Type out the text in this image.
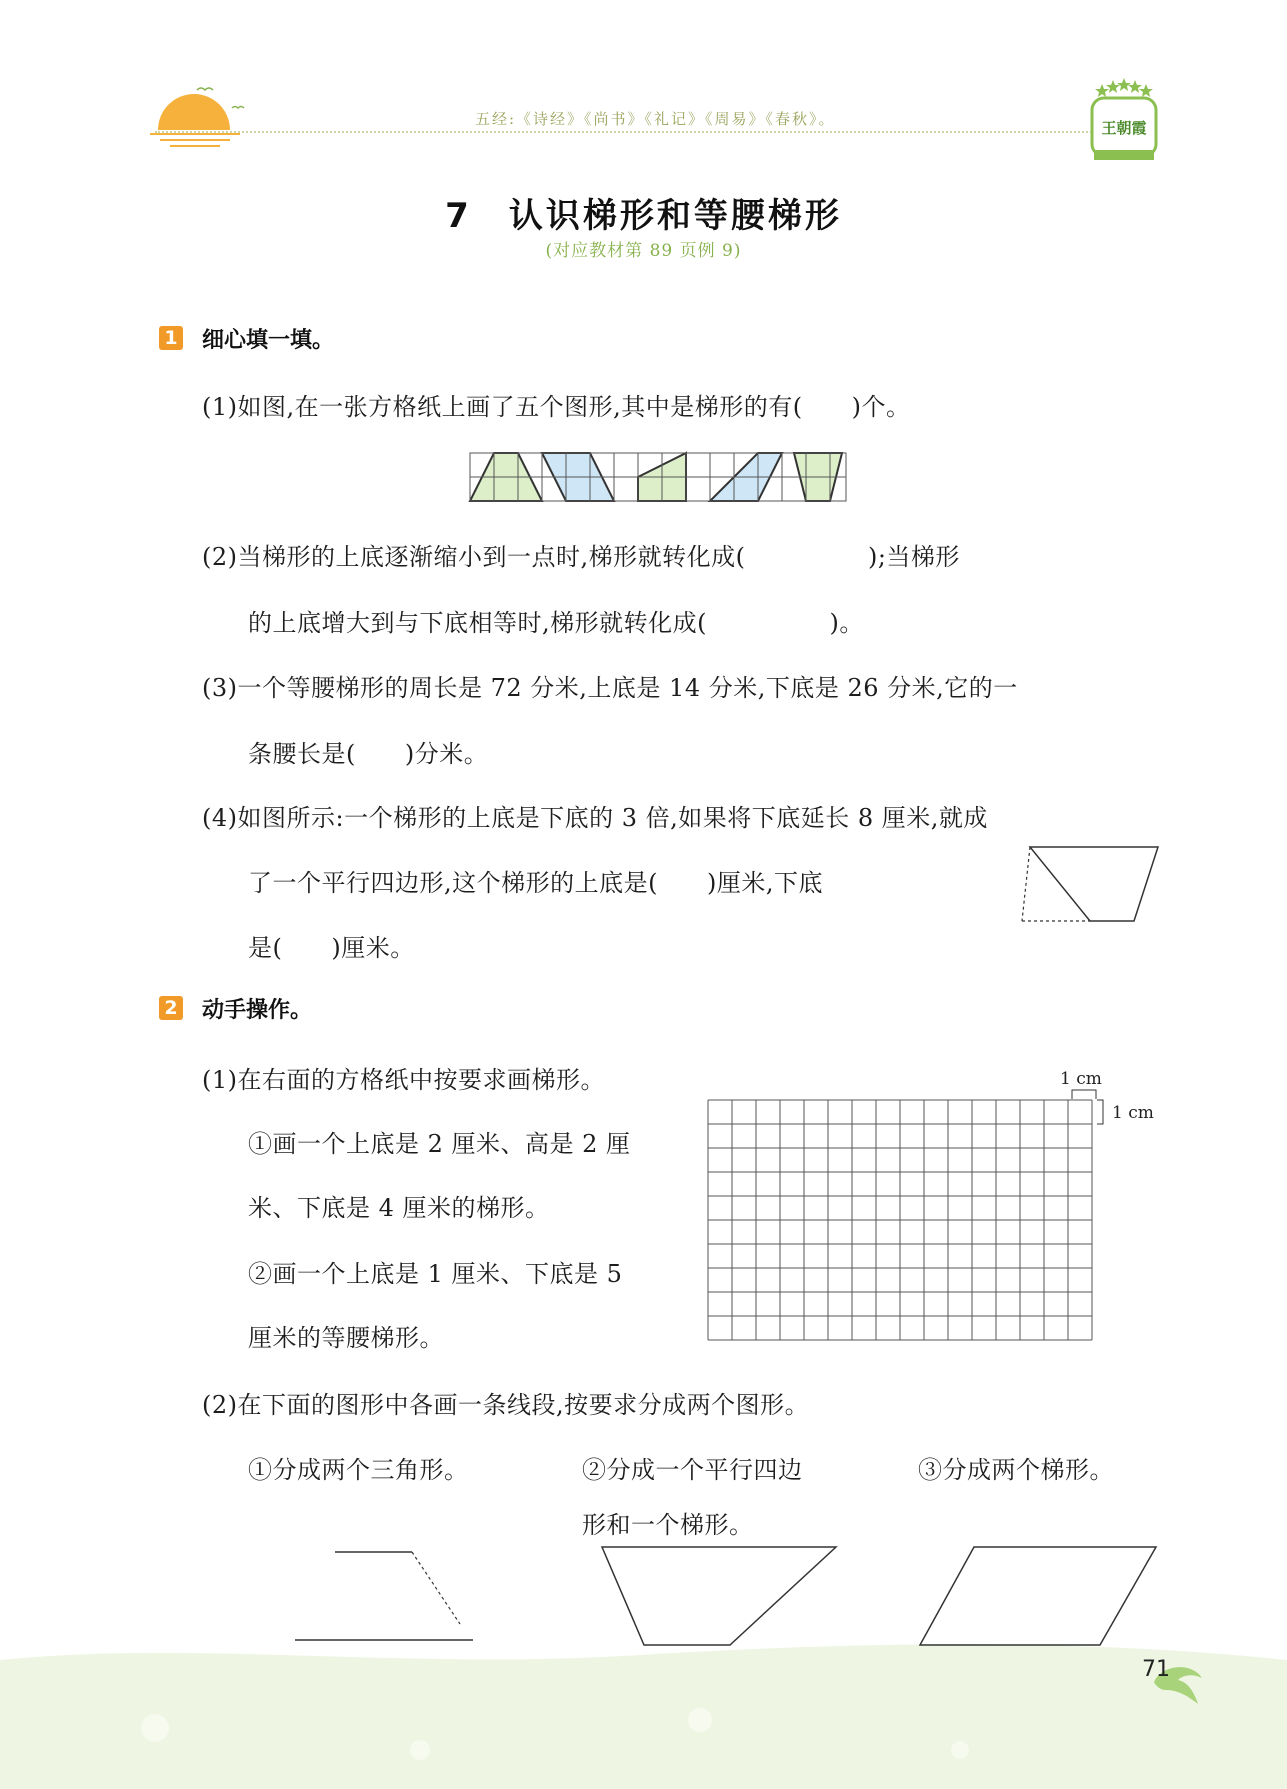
五经:《诗经》《尚书》《礼记》《周易》《春秋》。	王朝霞
7　认识梯形和等腰梯形
(对应教材第 89 页例 9)
1 细心填一填。
(1)如图,在一张方格纸上画了五个图形,其中是梯形的有(　　)个。
(2)当梯形的上底逐渐缩小到一点时,梯形就转化成(　　　　　);当梯形
的上底增大到与下底相等时,梯形就转化成(　　　　　)。
(3)一个等腰梯形的周长是 72 分米,上底是 14 分米,下底是 26 分米,它的一
条腰长是(　　)分米。
(4)如图所示:一个梯形的上底是下底的 3 倍,如果将下底延长 8 厘米,就成
了一个平行四边形,这个梯形的上底是(　　)厘米,下底
是(　　)厘米。
2 动手操作。
(1)在右面的方格纸中按要求画梯形。
①画一个上底是 2 厘米、高是 2 厘
米、下底是 4 厘米的梯形。
②画一个上底是 1 厘米、下底是 5
厘米的等腰梯形。
1 cm
1 cm
(2)在下面的图形中各画一条线段,按要求分成两个图形。
①分成两个三角形。	②分成一个平行四边
形和一个梯形。
③分成两个梯形。
71
